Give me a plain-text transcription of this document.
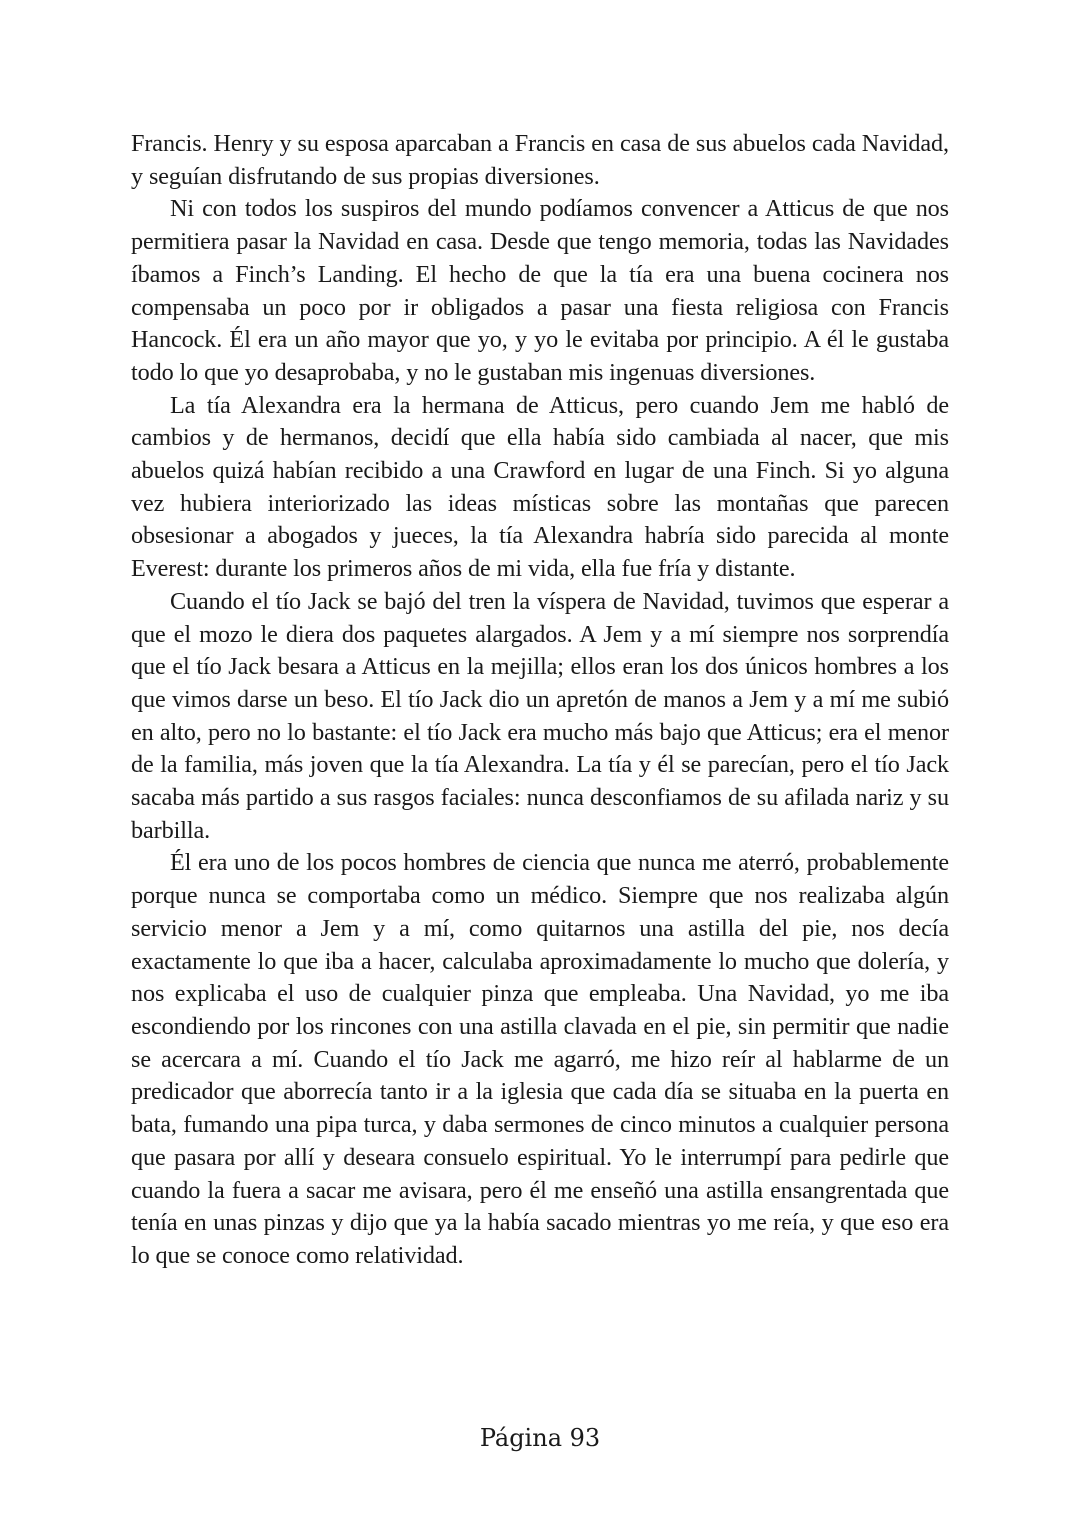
Francis. Henry y su esposa aparcaban a Francis en casa de sus abuelos cada Navidad, y seguían disfrutando de sus propias diversiones.

Ni con todos los suspiros del mundo podíamos convencer a Atticus de que nos permitiera pasar la Navidad en casa. Desde que tengo memoria, todas las Navidades íbamos a Finch’s Landing. El hecho de que la tía era una buena cocinera nos compensaba un poco por ir obligados a pasar una fiesta religiosa con Francis Hancock. Él era un año mayor que yo, y yo le evitaba por principio. A él le gustaba todo lo que yo desaprobaba, y no le gustaban mis ingenuas diversiones.

La tía Alexandra era la hermana de Atticus, pero cuando Jem me habló de cambios y de hermanos, decidí que ella había sido cambiada al nacer, que mis abuelos quizá habían recibido a una Crawford en lugar de una Finch. Si yo alguna vez hubiera interiorizado las ideas místicas sobre las montañas que parecen obsesionar a abogados y jueces, la tía Alexandra habría sido parecida al monte Everest: durante los primeros años de mi vida, ella fue fría y distante.

Cuando el tío Jack se bajó del tren la víspera de Navidad, tuvimos que esperar a que el mozo le diera dos paquetes alargados. A Jem y a mí siempre nos sorprendía que el tío Jack besara a Atticus en la mejilla; ellos eran los dos únicos hombres a los que vimos darse un beso. El tío Jack dio un apretón de manos a Jem y a mí me subió en alto, pero no lo bastante: el tío Jack era mucho más bajo que Atticus; era el menor de la familia, más joven que la tía Alexandra. La tía y él se parecían, pero el tío Jack sacaba más partido a sus rasgos faciales: nunca desconfiamos de su afilada nariz y su barbilla.

Él era uno de los pocos hombres de ciencia que nunca me aterró, probablemente porque nunca se comportaba como un médico. Siempre que nos realizaba algún servicio menor a Jem y a mí, como quitarnos una astilla del pie, nos decía exactamente lo que iba a hacer, calculaba aproximadamente lo mucho que dolería, y nos explicaba el uso de cualquier pinza que empleaba. Una Navidad, yo me iba escondiendo por los rincones con una astilla clavada en el pie, sin permitir que nadie se acercara a mí. Cuando el tío Jack me agarró, me hizo reír al hablarme de un predicador que aborrecía tanto ir a la iglesia que cada día se situaba en la puerta en bata, fumando una pipa turca, y daba sermones de cinco minutos a cualquier persona que pasara por allí y deseara consuelo espiritual. Yo le interrumpí para pedirle que cuando la fuera a sacar me avisara, pero él me enseñó una astilla ensangrentada que tenía en unas pinzas y dijo que ya la había sacado mientras yo me reía, y que eso era lo que se conoce como relatividad.

Página 93
